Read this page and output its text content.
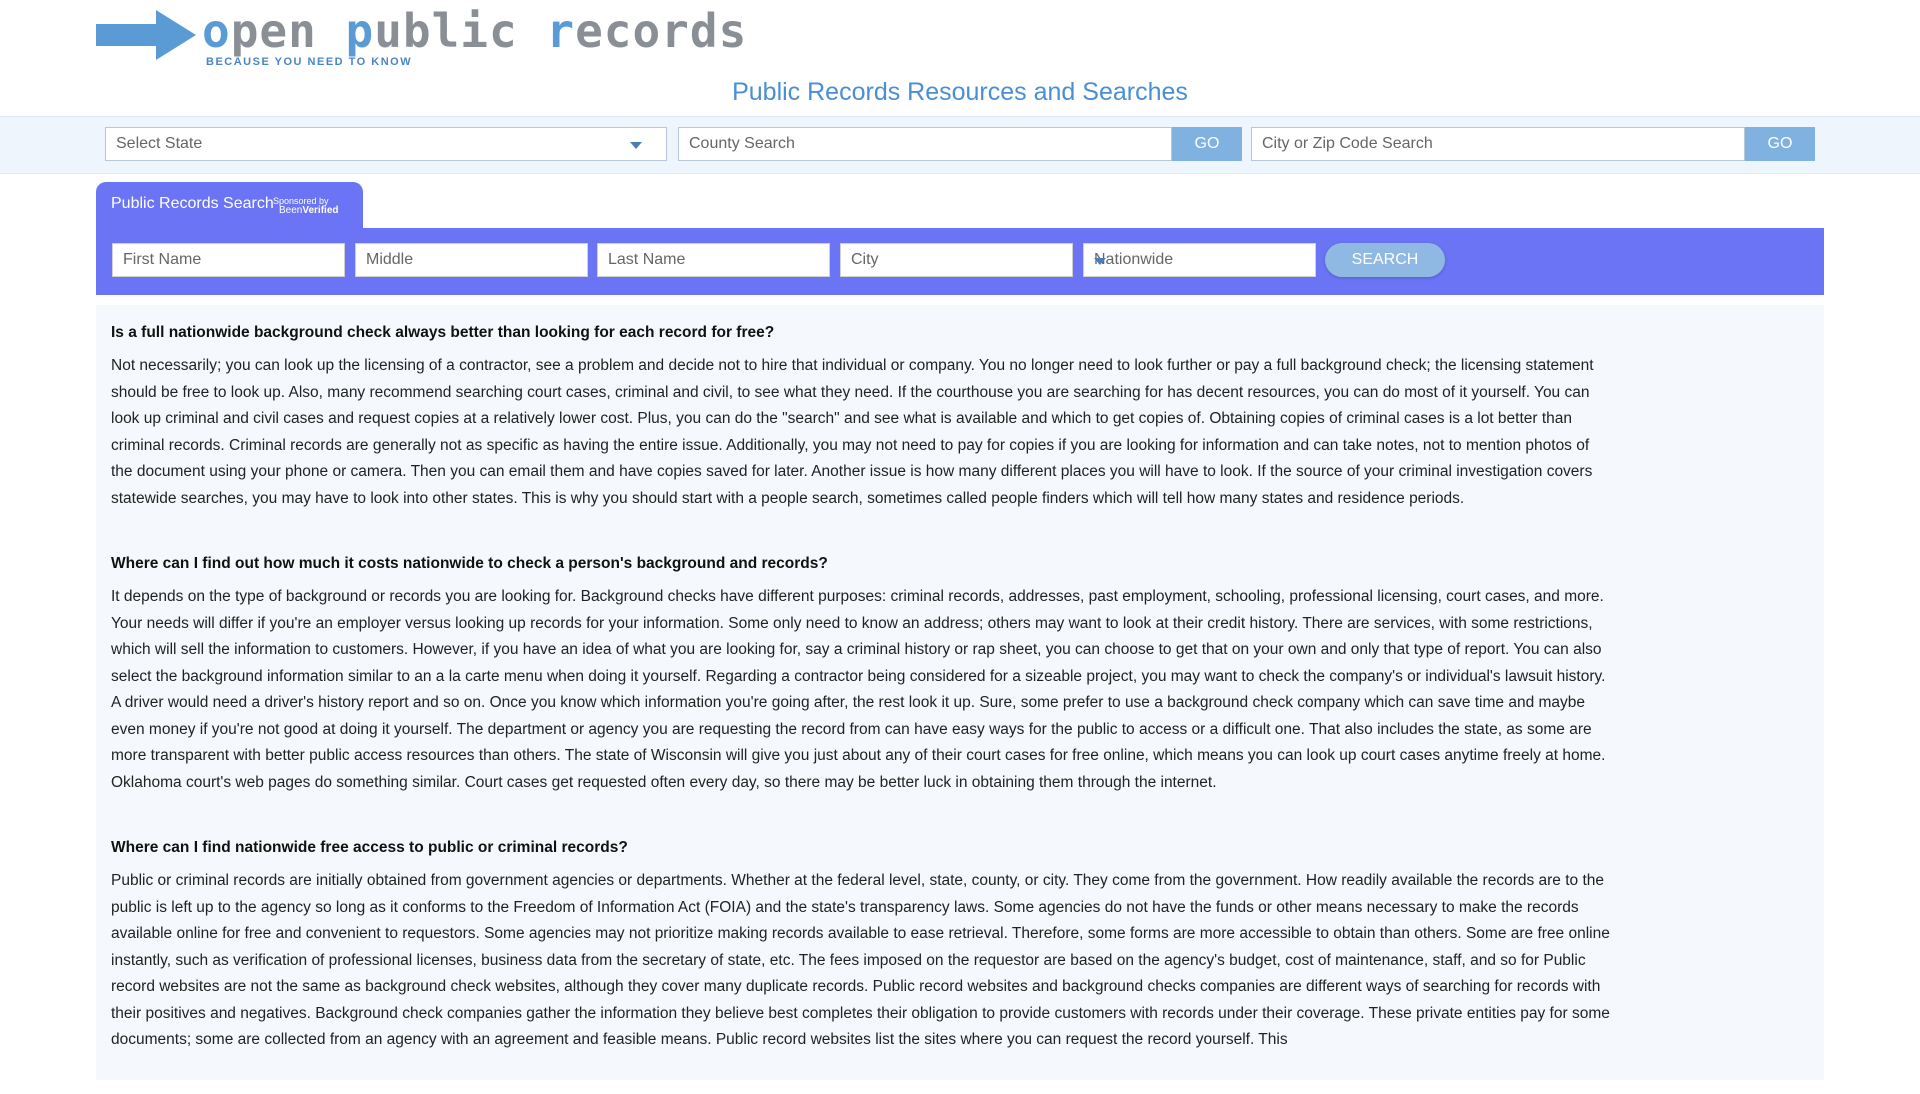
open public records
BECAUSE YOU NEED TO KNOW
Public Records Resources and Searches
Select State	County Search	GO	City or Zip Code Search	GO
Public Records Search Sponsored by
BeenVerified
First Name	Middle	Last Name	City	Nationwide	SEARCH

Is a full nationwide background check always better than looking for each record for free?

Not necessarily; you can look up the licensing of a contractor, see a problem and decide not to hire that individual or company. You no longer need to look further or pay a full background check; the licensing statement should be free to look up. Also, many recommend searching court cases, criminal and civil, to see what they need. If the courthouse you are searching for has decent resources, you can do most of it yourself. You can look up criminal and civil cases and request copies at a relatively lower cost. Plus, you can do the "search" and see what is available and which to get copies of. Obtaining copies of criminal cases is a lot better than criminal records. Criminal records are generally not as specific as having the entire issue. Additionally, you may not need to pay for copies if you are looking for information and can take notes, not to mention photos of the document using your phone or camera. Then you can email them and have copies saved for later. Another issue is how many different places you will have to look. If the source of your criminal investigation covers statewide searches, you may have to look into other states. This is why you should start with a people search, sometimes called people finders which will tell how many states and residence periods.

Where can I find out how much it costs nationwide to check a person's background and records?

It depends on the type of background or records you are looking for. Background checks have different purposes: criminal records, addresses, past employment, schooling, professional licensing, court cases, and more. Your needs will differ if you're an employer versus looking up records for your information. Some only need to know an address; others may want to look at their credit history. There are services, with some restrictions, which will sell the information to customers. However, if you have an idea of what you are looking for, say a criminal history or rap sheet, you can choose to get that on your own and only that type of report. You can also select the background information similar to an a la carte menu when doing it yourself. Regarding a contractor being considered for a sizeable project, you may want to check the company's or individual's lawsuit history. A driver would need a driver's history report and so on. Once you know which information you're going after, the rest look it up. Sure, some prefer to use a background check company which can save time and maybe even money if you're not good at doing it yourself. The department or agency you are requesting the record from can have easy ways for the public to access or a difficult one. That also includes the state, as some are more transparent with better public access resources than others. The state of Wisconsin will give you just about any of their court cases for free online, which means you can look up court cases anytime freely at home. Oklahoma court's web pages do something similar. Court cases get requested often every day, so there may be better luck in obtaining them through the internet.

Where can I find nationwide free access to public or criminal records?

Public or criminal records are initially obtained from government agencies or departments. Whether at the federal level, state, county, or city. They come from the government. How readily available the records are to the public is left up to the agency so long as it conforms to the Freedom of Information Act (FOIA) and the state's transparency laws. Some agencies do not have the funds or other means necessary to make the records available online for free and convenient to requestors. Some agencies may not prioritize making records available to ease retrieval. Therefore, some forms are more accessible to obtain than others. Some are free online instantly, such as verification of professional licenses, business data from the secretary of state, etc. The fees imposed on the requestor are based on the agency's budget, cost of maintenance, staff, and so for Public record websites are not the same as background check websites, although they cover many duplicate records. Public record websites and background checks companies are different ways of searching for records with their positives and negatives. Background check companies gather the information they believe best completes their obligation to provide customers with records under their coverage. These private entities pay for some documents; some are collected from an agency with an agreement and feasible means. Public record websites list the sites where you can request the record yourself. This
